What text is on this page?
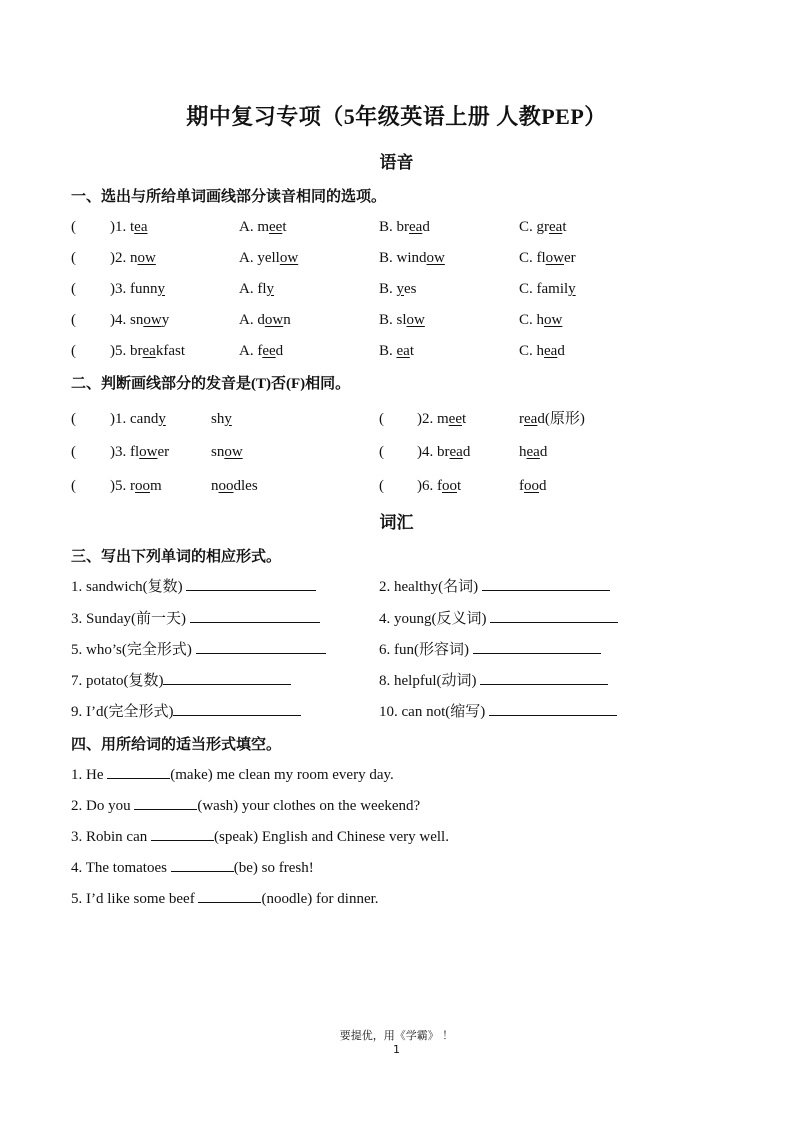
期中复习专项（5年级英语上册 人教PEP）
语音
一、选出与所给单词画线部分读音相同的选项。
( )1. tea	A. meet	B. bread	C. great
( )2. now	A. yellow	B. window	C. flower
( )3. funny	A. fly	B. yes	C. family
( )4. snowy	A. down	B. slow	C. how
( )5. breakfast	A. feed	B. eat	C. head
二、判断画线部分的发音是(T)否(F)相同。
( )1. candy	shy	( )2. meet	read(原形)
( )3. flower	snow	( )4. bread	head
( )5. room	noodles	( )6. foot	food
词汇
三、写出下列单词的相应形式。
1. sandwich(复数)	2. healthy(名词)
3. Sunday(前一天)	4. young(反义词)
5. who’s(完全形式)	6. fun(形容词)
7. potato(复数)	8. helpful(动词)
9. I’d(完全形式)	10. can not(缩写)
四、用所给词的适当形式填空。
1. He	(make) me clean my room every day.
2. Do you	(wash) your clothes on the weekend?
3. Robin can	(speak) English and Chinese very well.
4. The tomatoes	(be) so fresh!
5. I’d like some beef	(noodle) for dinner.
要提优，用《学霸》 ！
1
